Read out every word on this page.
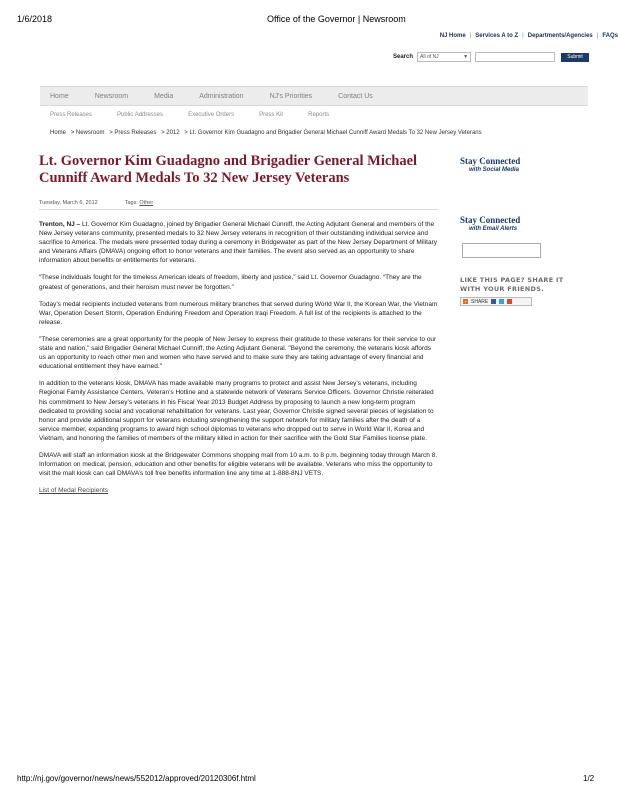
1/6/2018	Office of the Governor | Newsroom
NJ Home | Services A to Z | Departments/Agencies | FAQs
Search All of NJ	▼	Submit
Home	Newsroom	Media	Administration	NJ's Priorities	Contact Us
Press Releases	Public Addresses	Executive Orders	Press Kit	Reports
Home > Newsroom > Press Releases > 2012 > Lt. Governor Kim Guadagno and Brigadier General Michael Cunniff Award Medals To 32 New Jersey Veterans
Lt. Governor Kim Guadagno and Brigadier General Michael Cunniff Award Medals To 32 New Jersey Veterans
Tuesday, March 6, 2012	Tags: Other

Trenton, NJ – Lt. Governor Kim Guadagno, joined by Brigadier General Michael Cunniff, the Acting Adjutant General and members of the New Jersey veterans community, presented medals to 32 New Jersey veterans in recognition of their outstanding individual service and sacrifice to America. The medals were presented today during a ceremony in Bridgewater as part of the New Jersey Department of Military and Veterans Affairs (DMAVA) ongoing effort to honor veterans and their families. The event also served as an opportunity to share information about benefits or entitlements for veterans.

“These individuals fought for the timeless American ideals of freedom, liberty and justice,” said Lt. Governor Guadagno. “They are the greatest of generations, and their heroism must never be forgotten.”

Today’s medal recipients included veterans from numerous military branches that served during World War II, the Korean War, the Vietnam War, Operation Desert Storm, Operation Enduring Freedom and Operation Iraqi Freedom. A full list of the recipients is attached to the release.

"These ceremonies are a great opportunity for the people of New Jersey to express their gratitude to these veterans for their service to our state and nation," said Brigadier General Michael Cunniff, the Acting Adjutant General. "Beyond the ceremony, the veterans kiosk affords us an opportunity to reach other men and women who have served and to make sure they are taking advantage of every financial and educational entitlement they have earned."

In addition to the veterans kiosk, DMAVA has made available many programs to protect and assist New Jersey’s veterans, including Regional Family Assistance Centers, Veteran’s Hotline and a statewide network of Veterans Service Officers. Governor Christie reiterated his commitment to New Jersey’s veterans in his Fiscal Year 2013 Budget Address by proposing to launch a new long-term program dedicated to providing social and vocational rehabilitation for veterans. Last year, Governor Christie signed several pieces of legislation to honor and provide additional support for veterans including strengthening the support network for military families after the death of a service member, expanding programs to award high school diplomas to veterans who dropped out to serve in World War II, Korea and Vietnam, and honoring the families of members of the military killed in action for their sacrifice with the Gold Star Families license plate.

DMAVA will staff an information kiosk at the Bridgewater Commons shopping mall from 10 a.m. to 8 p.m. beginning today through March 8. Information on medical, pension, education and other benefits for eligible veterans will be available. Veterans who miss the opportunity to visit the mall kiosk can call DMAVA’s toll free benefits information line any time at 1-888-8NJ VETS.

List of Medal Recipients
Stay Connected
with Social Media
Stay Connected
with Email Alerts
LIKE THIS PAGE? SHARE IT
WITH YOUR FRIENDS.
+ SHARE
http://nj.gov/governor/news/news/552012/approved/20120306f.html	1/2
